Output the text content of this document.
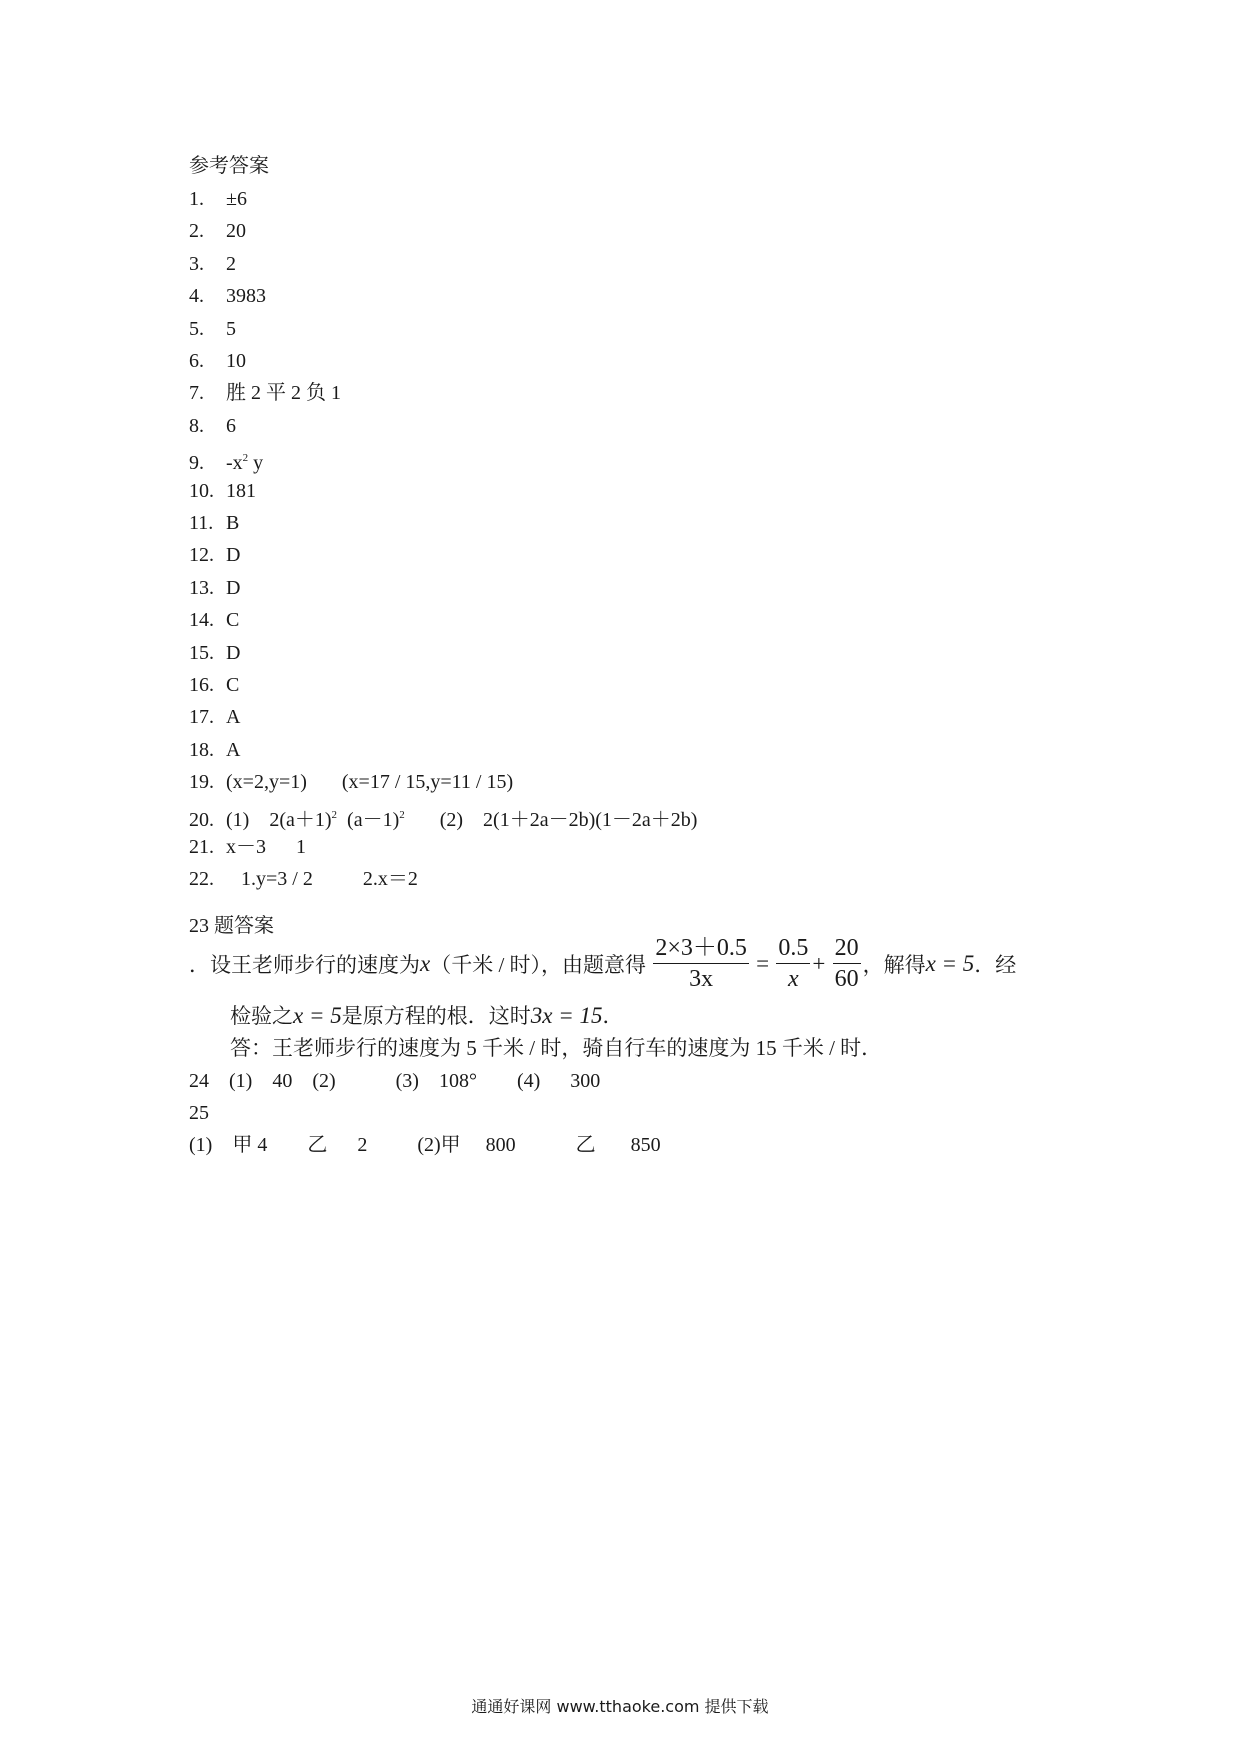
参考答案
1. ±6
2. 20
3. 2
4. 3983
5. 5
6. 10
7. 胜 2 平 2 负 1
8. 6
9. $-x^2$ y
10. 181
11. B
12. D
13. D
14. C
15. D
16. C
17. A
18. A
19. (x=2,y=1)       (x=17 / 15,y=11 / 15)
20. (1)    $2(a+1)^2$  $(a-1)^2$       (2)    2(1＋2a－2b)(1－2a＋2b)
21. x－3      1
22.   1.y=3 / 2          2.x＝2
23 题答案
．设王老师步行的速度为x（千米 / 时），由题意得 $\frac{2\times 3+0.5}{3x} = \frac{0.5}{x} + \frac{20}{60}$ ，解得x = 5．经
检验之x = 5是原方程的根．这时3x = 15．
答：王老师步行的速度为 5 千米 / 时，骑自行车的速度为 15 千米 / 时．
24    (1)    40    (2)            (3)    108°        (4)      300
25
(1)    甲 4        乙      2          (2)甲     800            乙       850
通通好课网 www.tthaoke.com 提供下载
